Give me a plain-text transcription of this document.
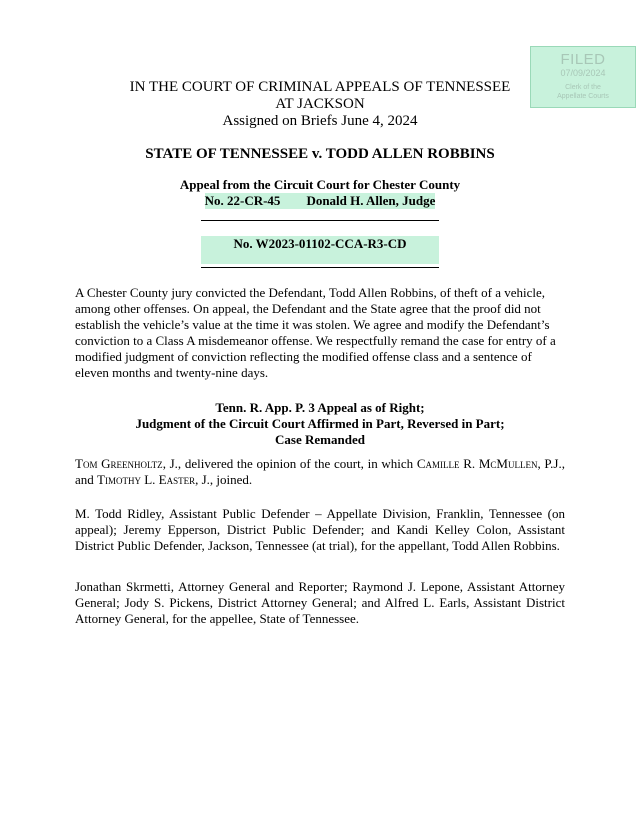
FILED
07/09/2024
Clerk of the
Appellate Courts
IN THE COURT OF CRIMINAL APPEALS OF TENNESSEE
AT JACKSON
Assigned on Briefs June 4, 2024
STATE OF TENNESSEE v. TODD ALLEN ROBBINS
Appeal from the Circuit Court for Chester County
No. 22-CR-45 Donald H. Allen, Judge
No. W2023-01102-CCA-R3-CD
A Chester County jury convicted the Defendant, Todd Allen Robbins, of theft of a vehicle, among other offenses. On appeal, the Defendant and the State agree that the proof did not establish the vehicle’s value at the time it was stolen. We agree and modify the Defendant’s conviction to a Class A misdemeanor offense. We respectfully remand the case for entry of a modified judgment of conviction reflecting the modified offense class and a sentence of eleven months and twenty-nine days.
Tenn. R. App. P. 3 Appeal as of Right;
Judgment of the Circuit Court Affirmed in Part, Reversed in Part;
Case Remanded
Tom Greenholtz, J., delivered the opinion of the court, in which Camille R. McMullen, P.J., and Timothy L. Easter, J., joined.
M. Todd Ridley, Assistant Public Defender – Appellate Division, Franklin, Tennessee (on appeal); Jeremy Epperson, District Public Defender; and Kandi Kelley Colon, Assistant District Public Defender, Jackson, Tennessee (at trial), for the appellant, Todd Allen Robbins.
Jonathan Skrmetti, Attorney General and Reporter; Raymond J. Lepone, Assistant Attorney General; Jody S. Pickens, District Attorney General; and Alfred L. Earls, Assistant District Attorney General, for the appellee, State of Tennessee.
